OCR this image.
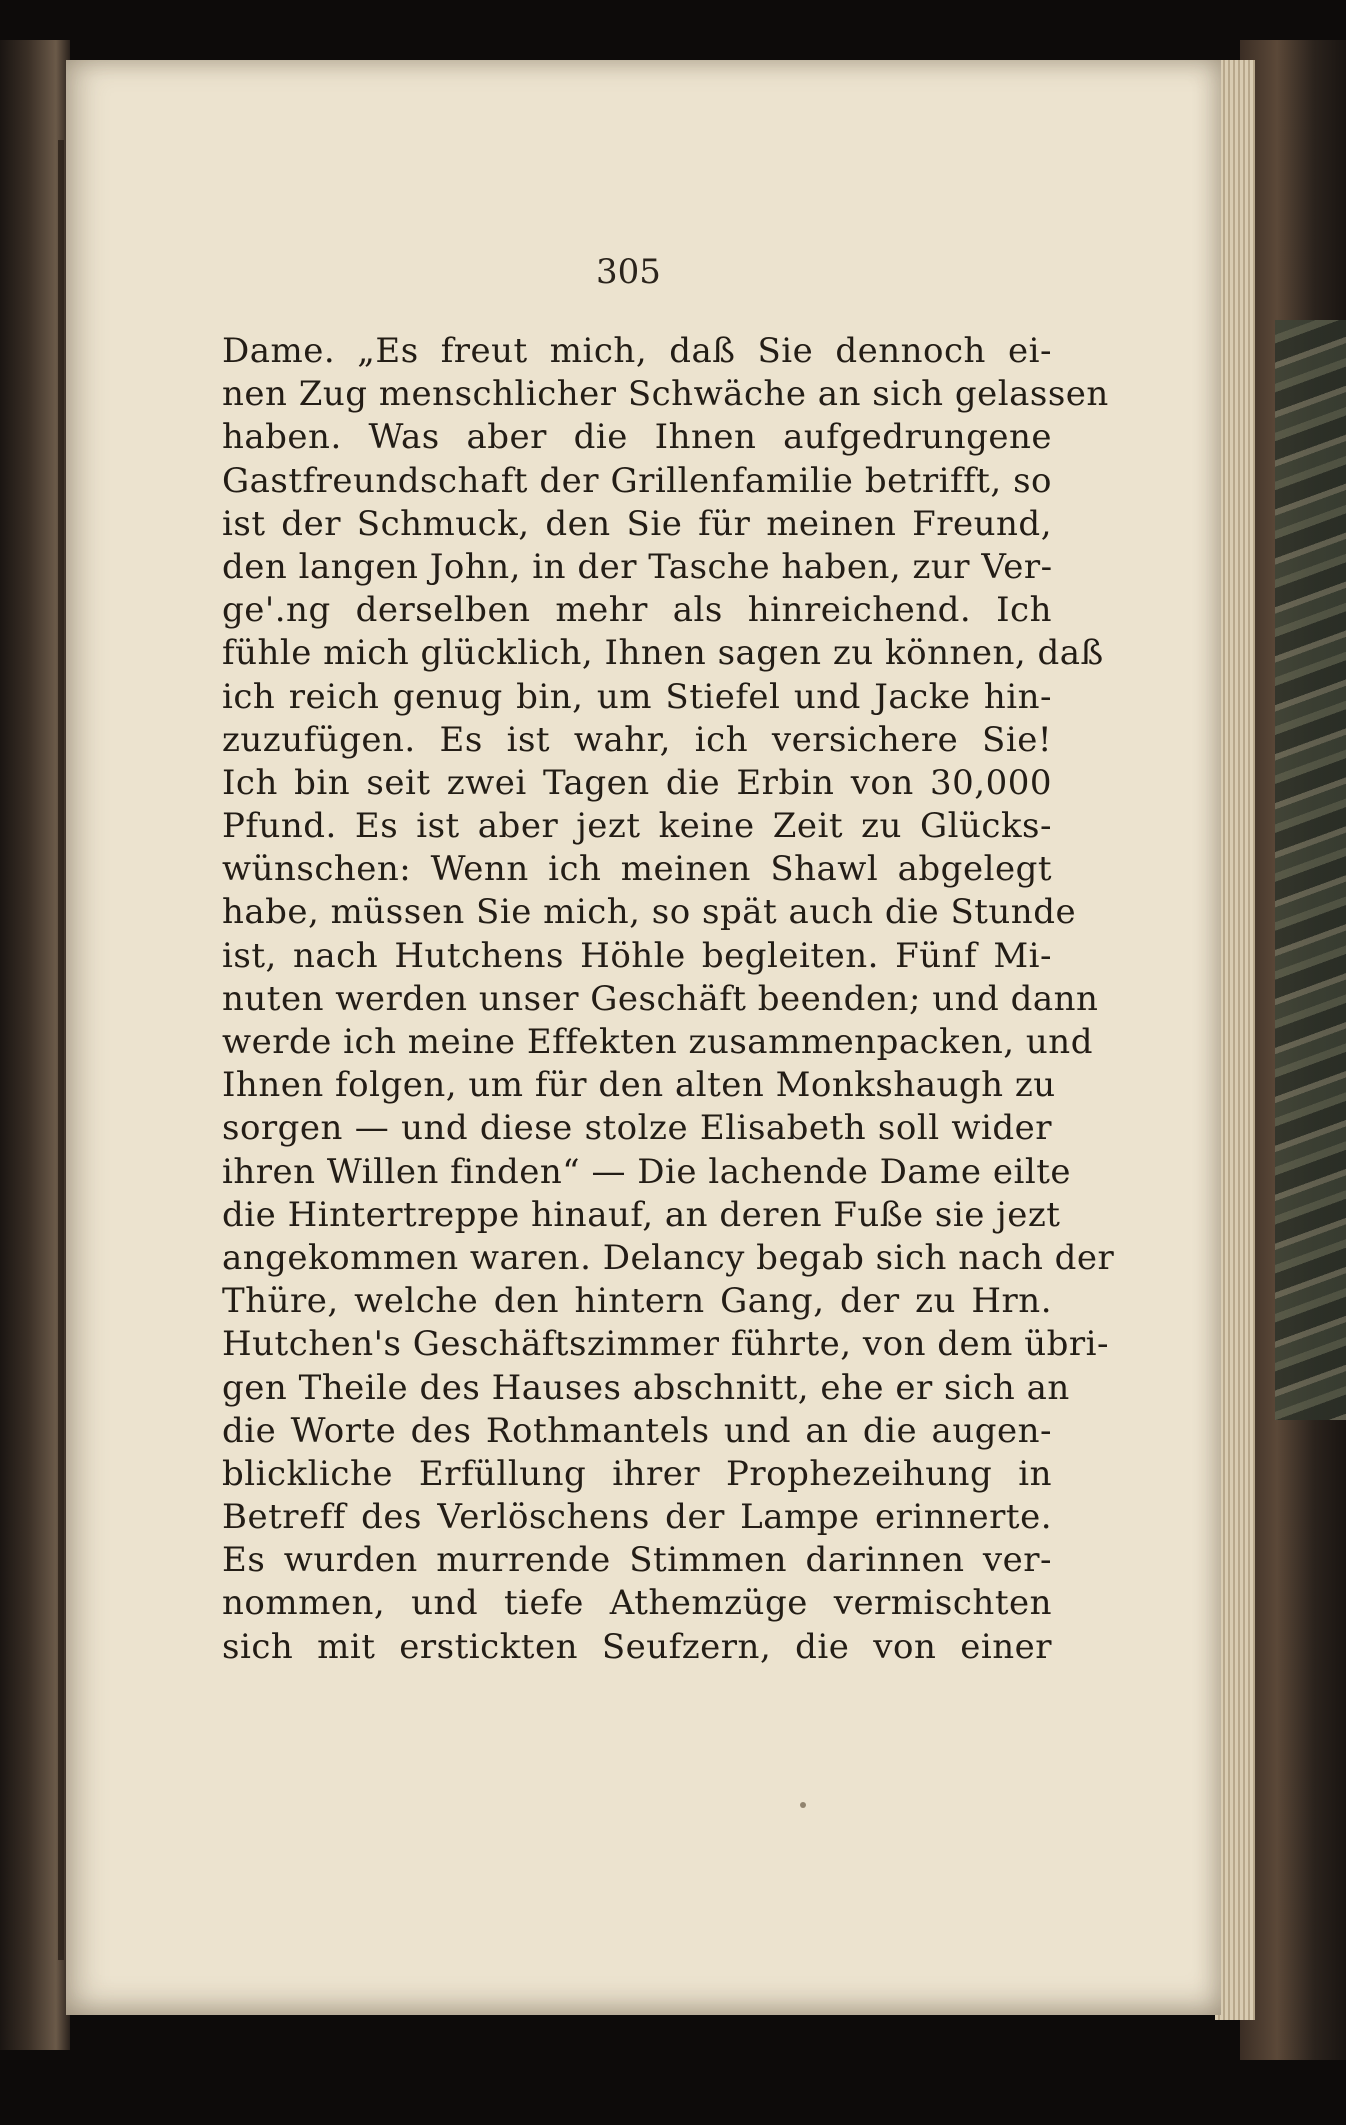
305
Dame. „Es freut mich, daß Sie dennoch ei-
nen Zug menschlicher Schwäche an sich gelassen
haben. Was aber die Ihnen aufgedrungene
Gastfreundschaft der Grillenfamilie betrifft, so
ist der Schmuck, den Sie für meinen Freund,
den langen John, in der Tasche haben, zur Ver-
ge'.ng derselben mehr als hinreichend. Ich
fühle mich glücklich, Ihnen sagen zu können, daß
ich reich genug bin, um Stiefel und Jacke hin-
zuzufügen. Es ist wahr, ich versichere Sie!
Ich bin seit zwei Tagen die Erbin von 30,000
Pfund. Es ist aber jezt keine Zeit zu Glücks-
wünschen: Wenn ich meinen Shawl abgelegt
habe, müssen Sie mich, so spät auch die Stunde
ist, nach Hutchens Höhle begleiten. Fünf Mi-
nuten werden unser Geschäft beenden; und dann
werde ich meine Effekten zusammenpacken, und
Ihnen folgen, um für den alten Monkshaugh zu
sorgen — und diese stolze Elisabeth soll wider
ihren Willen finden“ — Die lachende Dame eilte
die Hintertreppe hinauf, an deren Fuße sie jezt
angekommen waren. Delancy begab sich nach der
Thüre, welche den hintern Gang, der zu Hrn.
Hutchen's Geschäftszimmer führte, von dem übri-
gen Theile des Hauses abschnitt, ehe er sich an
die Worte des Rothmantels und an die augen-
blickliche Erfüllung ihrer Prophezeihung in
Betreff des Verlöschens der Lampe erinnerte.
Es wurden murrende Stimmen darinnen ver-
nommen, und tiefe Athemzüge vermischten
sich mit erstickten Seufzern, die von einer
